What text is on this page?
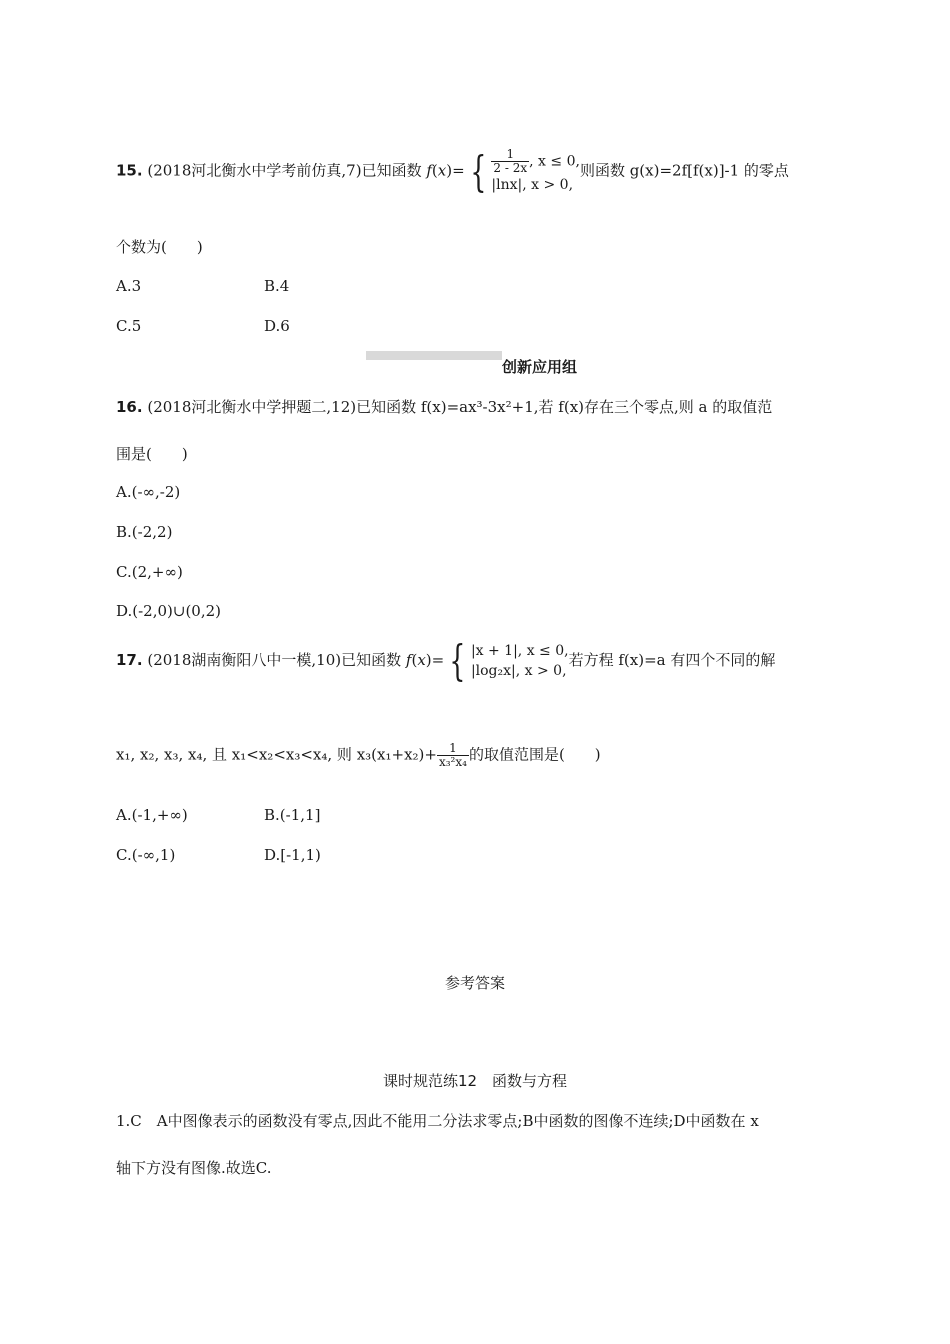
15. (2018河北衡水中学考前仿真,7)已知函数 f(x)= { $\frac{1}{2 - 2x}$ , x ≤ 0,
|lnx|, x > 0,
则函数 g(x)=2f[f(x)]-1 的零点
个数为(　　)
A.3	B.4
C.5	D.6
创新应用组
16. (2018河北衡水中学押题二,12)已知函数 f(x)=ax³-3x²+1,若 f(x)存在三个零点,则 a 的取值范
围是(　　)
A.(-∞,-2)
B.(-2,2)
C.(2,+∞)
D.(-2,0)∪(0,2)
17. (2018湖南衡阳八中一模,10)已知函数 f(x)= { |x + 1|, x ≤ 0,
|log₂x|, x > 0,
若方程 f(x)=a 有四个不同的解
x₁, x₂, x₃, x₄, 且 x₁<x₂<x₃<x₄, 则 $x_3(x_1+x_2)+ \frac{1}{\text{x₃²x₄}}$ 的取值范围是(　　)
A.(-1,+∞)	B.(-1,1]
C.(-∞,1)	D.[-1,1)
参考答案
课时规范练12　函数与方程
1.C　A中图像表示的函数没有零点,因此不能用二分法求零点;B中函数的图像不连续;D中函数在 x
轴下方没有图像.故选C.
